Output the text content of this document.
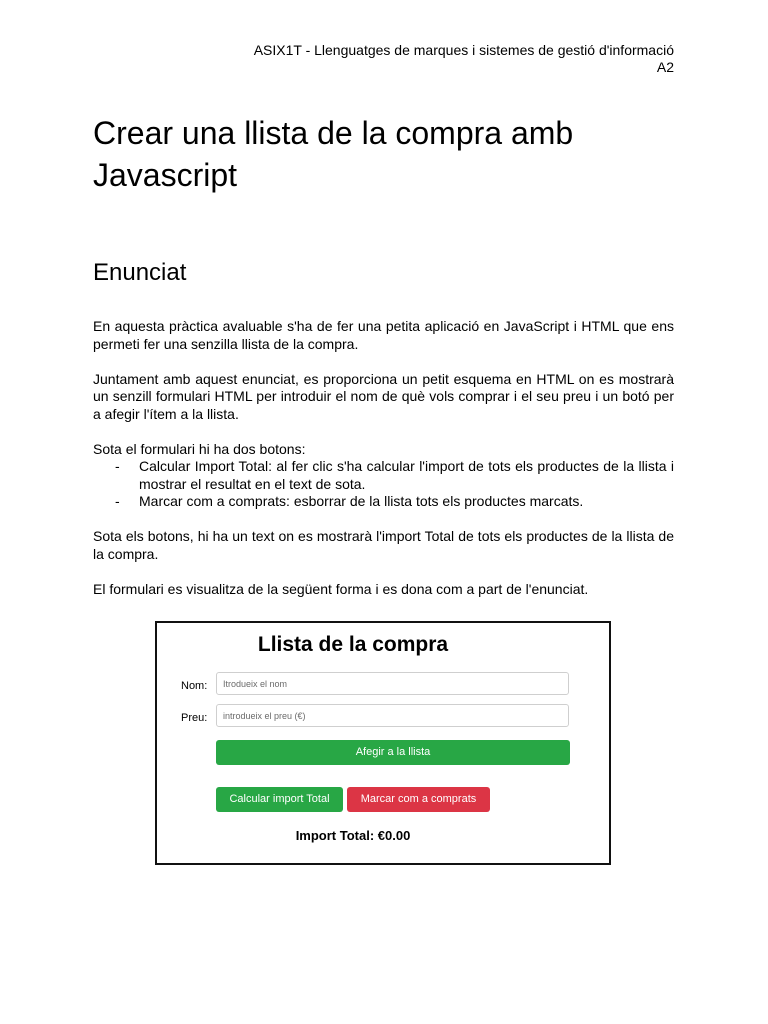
ASIX1T - Llenguatges de marques i sistemes de gestió d'informació
A2
Crear una llista de la compra amb Javascript
Enunciat

En aquesta pràctica avaluable s'ha de fer una petita aplicació en JavaScript i HTML que ens permeti fer una senzilla llista de la compra.

Juntament amb aquest enunciat, es proporciona un petit esquema en HTML on es mostrarà un senzill formulari HTML per introduir el nom de què vols comprar i el seu preu i un botó per a afegir l'ítem a la llista.

Sota el formulari hi ha dos botons:

- Calcular Import Total: al fer clic s'ha calcular l'import de tots els productes de la llista i mostrar el resultat en el text de sota.
- Marcar com a comprats: esborrar de la llista tots els productes marcats.

Sota els botons, hi ha un text on es mostrarà l'import Total de tots els productes de la llista de la compra.

El formulari es visualitza de la següent forma i es dona com a part de l'enunciat.

Llista de la compra
Nom:
Itrodueix el nom
Preu:
introdueix el preu (€)
Afegir a la llista
Calcular import Total	Marcar com a comprats
Import Total: €0.00
